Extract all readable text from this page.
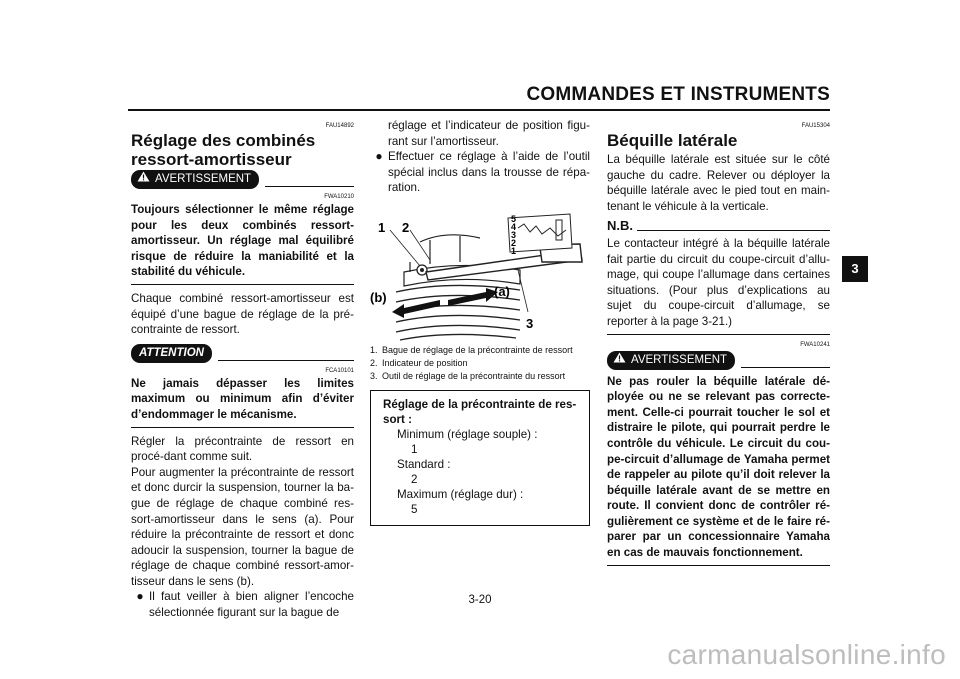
COMMANDES ET INSTRUMENTS
3
FAU14892
Réglage des combinés ressort-amortisseur
AVERTISSEMENT
FWA10210
Toujours sélectionner le même réglage pour les deux combinés ressort-amortisseur. Un réglage mal équilibré risque de réduire la maniabilité et la stabilité du véhicule.
Chaque combiné ressort-amortisseur est équipé d’une bague de réglage de la pré-contrainte de ressort.
ATTENTION
FCA10101
Ne jamais dépasser les limites maximum ou minimum afin d’éviter d’endommager le mécanisme.
Régler la précontrainte de ressort en procé-dant comme suit.
Pour augmenter la précontrainte de ressort et donc durcir la suspension, tourner la ba-gue de réglage de chaque combiné res-sort-amortisseur dans le sens (a). Pour réduire la précontrainte de ressort et donc adoucir la suspension, tourner la bague de réglage de chaque combiné ressort-amor-tisseur dans le sens (b).
● Il faut veiller à bien aligner l’encoche sélectionnée figurant sur la bague de
réglage et l’indicateur de position figu-rant sur l’amortisseur.
● Effectuer ce réglage à l’aide de l’outil spécial inclus dans la trousse de répa-ration.
5
4
3
2
1
1 2
3
(b)	(a)
1. Bague de réglage de la précontrainte de ressort
2. Indicateur de position
3. Outil de réglage de la précontrainte du ressort
Réglage de la précontrainte de res-sort :
Minimum (réglage souple) :
1
Standard :
2
Maximum (réglage dur) :
5
FAU15304
Béquille latérale
La béquille latérale est située sur le côté gauche du cadre. Relever ou déployer la béquille latérale avec le pied tout en main-tenant le véhicule à la verticale.
N.B.
Le contacteur intégré à la béquille latérale fait partie du circuit du coupe-circuit d’allu-mage, qui coupe l’allumage dans certaines situations. (Pour plus d’explications au sujet du coupe-circuit d’allumage, se reporter à la page 3-21.)
FWA10241
AVERTISSEMENT
Ne pas rouler la béquille latérale dé-ployée ou ne se relevant pas correcte-ment. Celle-ci pourrait toucher le sol et distraire le pilote, qui pourrait perdre le contrôle du véhicule. Le circuit du cou-pe-circuit d’allumage de Yamaha permet de rappeler au pilote qu’il doit relever la béquille latérale avant de se mettre en route. Il convient donc de contrôler ré-gulièrement ce système et de le faire ré-parer par un concessionnaire Yamaha en cas de mauvais fonctionnement.
3-20
carmanualsonline.info
